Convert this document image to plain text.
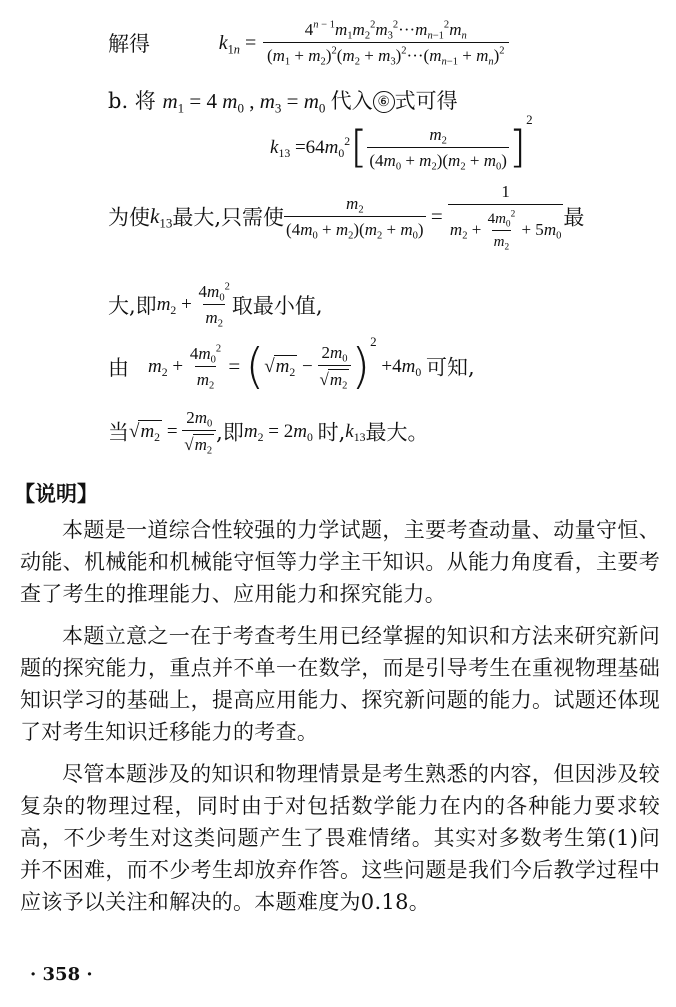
解得	$k_{1n} = \frac{4^{n - 1}m_1m_2^2m_3^2\cdot\cdot\cdot m_{n-1}^2m_n}{(m_1 + m_2)^2(m_2 + m_3)^2\cdot\cdot\cdot(m_{n-1} + m_n)^2}$
b. 将 $m_1 = 4$ $m_0$ , $m_3 = m_0$ 代入 ⑥ 式可得
$k_{13} =64m_0^2[ \frac{m_2}{(4m_0 + m_2)(m_2 + m_0)} ]^2$
为使$k_{13}$最大,只需使 $\frac{m_2}{(4m_0 + m_2)(m_2 + m_0)} = \frac{1}{m_2 + \frac{4m_0^2}{m_2} + 5m_0}$ 最
大,即$m_2 + \frac{4m_0^2}{m_2}$ 取最小值,
由 $m_2 + \frac{4m_0^2}{m_2} = (√m_2 - \frac{2m_0}{√m_2} )^2 +4m_0$ 可知,
当$√m_2 = \frac{2m_0}{√m_2}$ ,即$m_2 = 2m_0$ 时$,k_{13}$最大。
【说明】
本题是一道综合性较强的力学试题，主要考查动量、动量守恒、动能、机械能和机械能守恒等力学主干知识。从能力角度看，主要考查了考生的推理能力、应用能力和探究能力。
本题立意之一在于考查考生用已经掌握的知识和方法来研究新问题的探究能力，重点并不单一在数学，而是引导考生在重视物理基础知识学习的基础上，提高应用能力、探究新问题的能力。试题还体现了对考生知识迁移能力的考查。
尽管本题涉及的知识和物理情景是考生熟悉的内容，但因涉及较复杂的物理过程，同时由于对包括数学能力在内的各种能力要求较高，不少考生对这类问题产生了畏难情绪。其实对多数考生第(1)问并不困难，而不少考生却放弃作答。这些问题是我们今后教学过程中应该予以关注和解决的。本题难度为0.18。
· 358 ·
